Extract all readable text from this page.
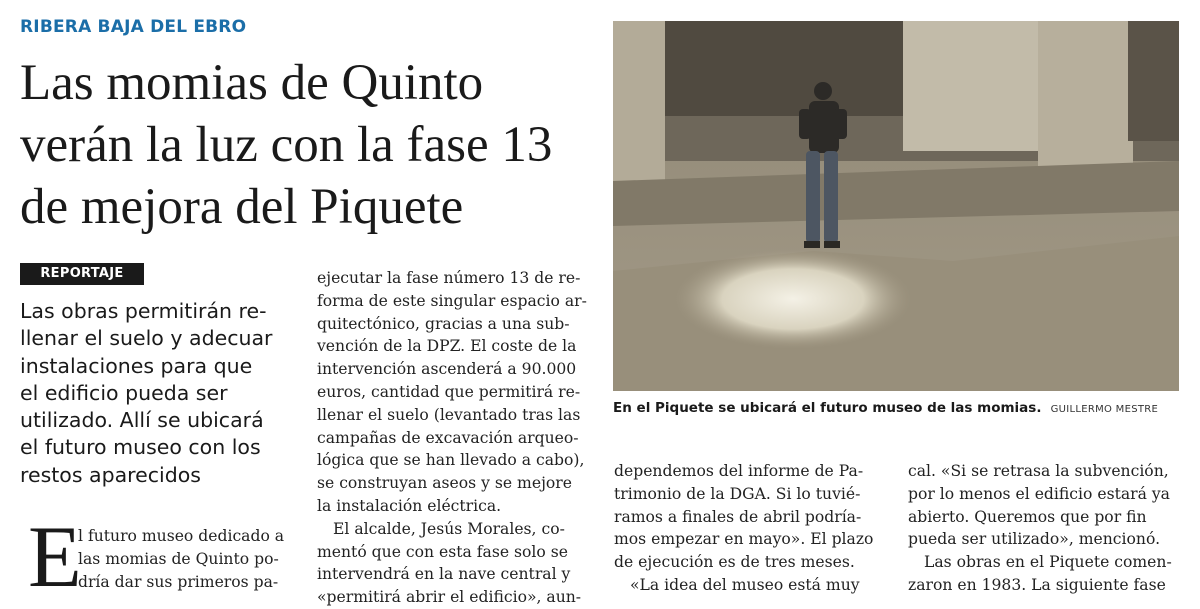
RIBERA BAJA DEL EBRO
Las momias de Quinto
verán la luz con la fase 13
de mejora del Piquete
REPORTAJE
Las obras permitirán re-
llenar el suelo y adecuar
instalaciones para que
el edificio pueda ser
utilizado. Allí se ubicará
el futuro museo con los
restos aparecidos
E
l futuro museo dedicado a
las momias de Quinto po-
dría dar sus primeros pa-
ejecutar la fase número 13 de re-
forma de este singular espacio ar-
quitectónico, gracias a una sub-
vención de la DPZ. El coste de la
intervención ascenderá a 90.000
euros, cantidad que permitirá re-
llenar el suelo (levantado tras las
campañas de excavación arqueo-
lógica que se han llevado a cabo),
se construyan aseos y se mejore
la instalación eléctrica.
El alcalde, Jesús Morales, co-
mentó que con esta fase solo se
intervendrá en la nave central y
«permitirá abrir el edificio», aun-
En el Piquete se ubicará el futuro museo de las momias. GUILLERMO MESTRE
dependemos del informe de Pa-
trimonio de la DGA. Si lo tuvié-
ramos a finales de abril podría-
mos empezar en mayo». El plazo
de ejecución es de tres meses.
«La idea del museo está muy
cal. «Si se retrasa la subvención,
por lo menos el edificio estará ya
abierto. Queremos que por fin
pueda ser utilizado», mencionó.
Las obras en el Piquete comen-
zaron en 1983. La siguiente fase
